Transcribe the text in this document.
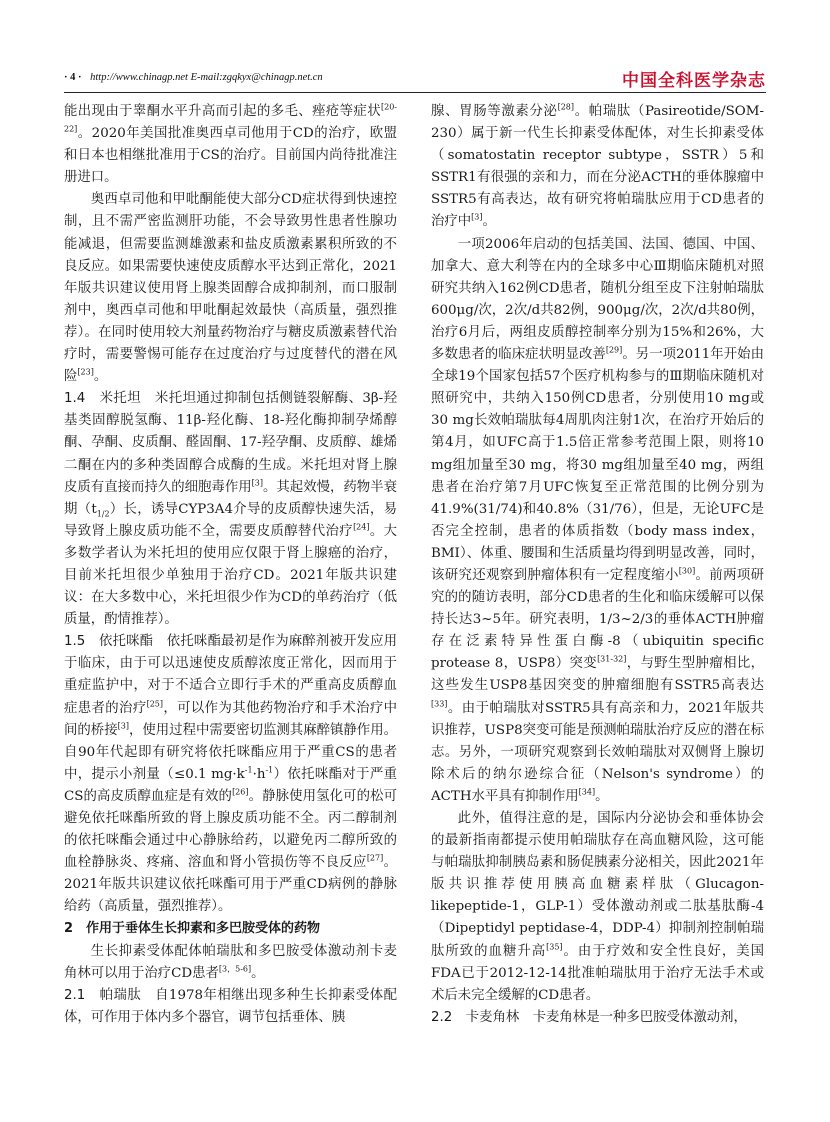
· 4 · http://www.chinagp.net E-mail:zgqkyx@chinagp.net.cn	中国全科医学杂志

能出现由于睾酮水平升高而引起的多毛、痤疮等症状[20-22]。2020年美国批准奥西卓司他用于CD的治疗，欧盟和日本也相继批准用于CS的治疗。目前国内尚待批准注册进口。

奥西卓司他和甲吡酮能使大部分CD症状得到快速控制，且不需严密监测肝功能，不会导致男性患者性腺功能减退，但需要监测雄激素和盐皮质激素累积所致的不良反应。如果需要快速使皮质醇水平达到正常化，2021年版共识建议使用肾上腺类固醇合成抑制剂，而口服制剂中，奥西卓司他和甲吡酮起效最快（高质量，强烈推荐）。在同时使用较大剂量药物治疗与糖皮质激素替代治疗时，需要警惕可能存在过度治疗与过度替代的潜在风险[23]。

1.4　米托坦　 米托坦通过抑制包括侧链裂解酶、3β-羟基类固醇脱氢酶、11β-羟化酶、18-羟化酶抑制孕烯醇酮、孕酮、皮质酮、醛固酮、17-羟孕酮、皮质醇、雄烯二酮在内的多种类固醇合成酶的生成。米托坦对肾上腺皮质有直接而持久的细胞毒作用[3]。其起效慢，药物半衰期$(t_{1/2})$长，诱导CYP3A4介导的皮质醇快速失活，易导致肾上腺皮质功能不全，需要皮质醇替代治疗[24]。大多数学者认为米托坦的使用应仅限于肾上腺癌的治疗，目前米托坦很少单独用于治疗CD。2021年版共识建议：在大多数中心，米托坦很少作为CD的单药治疗（低质量，酌情推荐）。

1.5　依托咪酯　 依托咪酯最初是作为麻醉剂被开发应用于临床，由于可以迅速使皮质醇浓度正常化，因而用于重症监护中，对于不适合立即行手术的严重高皮质醇血症患者的治疗[25]，可以作为其他药物治疗和手术治疗中间的桥接[3]，使用过程中需要密切监测其麻醉镇静作用。自90年代起即有研究将依托咪酯应用于严重CS的患者中，提示小剂量（≤0.1 $mg\cdot k^{-1}\cdot h^{-1}$）依托咪酯对于严重CS的高皮质醇血症是有效的[26]。静脉使用氢化可的松可避免依托咪酯所致的肾上腺皮质功能不全。丙二醇制剂的依托咪酯会通过中心静脉给药，以避免丙二醇所致的血栓静脉炎、疼痛、溶血和肾小管损伤等不良反应[27]。2021年版共识建议依托咪酯可用于严重CD病例的静脉给药（高质量，强烈推荐）。

2　作用于垂体生长抑素和多巴胺受体的药物

生长抑素受体配体帕瑞肽和多巴胺受体激动剂卡麦角林可以用于治疗CD患者[3，5-6]。

2.1　帕瑞肽　 自1978年相继出现多种生长抑素受体配体，可作用于体内多个器官，调节包括垂体、胰

腺、胃肠等激素分泌[28]。帕瑞肽（Pasireotide/SOM-230）属于新一代生长抑素受体配体，对生长抑素受体（somatostatin receptor subtype，SSTR）5和SSTR1有很强的亲和力，而在分泌ACTH的垂体腺瘤中SSTR5有高表达，故有研究将帕瑞肽应用于CD患者的治疗中[3]。

一项2006年启动的包括美国、法国、德国、中国、加拿大、意大利等在内的全球多中心Ⅲ期临床随机对照研究共纳入162例CD患者，随机分组至皮下注射帕瑞肽600μg/次，2次/d共82例，900μg/次，2次/d共80例，治疗6月后，两组皮质醇控制率分别为15%和26%，大多数患者的临床症状明显改善[29]。另一项2011年开始由全球19个国家包括57个医疗机构参与的Ⅲ期临床随机对照研究中，共纳入150例CD患者，分别使用10 mg或30 mg长效帕瑞肽每4周肌肉注射1次，在治疗开始后的第4月，如UFC高于1.5倍正常参考范围上限，则将10 mg组加量至30 mg，将30 mg组加量至40 mg，两组患者在治疗第7月UFC恢复至正常范围的比例分别为41.9%(31/74)和40.8%（31/76），但是，无论UFC是否完全控制，患者的体质指数（body mass index，BMI）、体重、腰围和生活质量均得到明显改善，同时，该研究还观察到肿瘤体积有一定程度缩小[30]。前两项研究的的随访表明，部分CD患者的生化和临床缓解可以保持长达3~5年。研究表明，1/3~2/3的垂体ACTH肿瘤存在泛素特异性蛋白酶-8（ubiquitin specific protease 8，USP8）突变[31-32]，与野生型肿瘤相比，这些发生USP8基因突变的肿瘤细胞有SSTR5高表达[33]。由于帕瑞肽对SSTR5具有高亲和力，2021年版共识推荐，USP8突变可能是预测帕瑞肽治疗反应的潜在标志。另外，一项研究观察到长效帕瑞肽对双侧肾上腺切除术后的纳尔逊综合征（Nelson's syndrome）的ACTH水平具有抑制作用[34]。

此外，值得注意的是，国际内分泌协会和垂体协会的最新指南都提示使用帕瑞肽存在高血糖风险，这可能与帕瑞肽抑制胰岛素和肠促胰素分泌相关，因此2021年版共识推荐使用胰高血糖素样肽（Glucagon-likepeptide-1，GLP-1）受体激动剂或二肽基肽酶-4（Dipeptidyl peptidase-4，DDP-4）抑制剂控制帕瑞肽所致的血糖升高[35]。由于疗效和安全性良好，美国FDA已于2012-12-14批准帕瑞肽用于治疗无法手术或术后未完全缓解的CD患者。

2.2　卡麦角林　 卡麦角林是一种多巴胺受体激动剂，
